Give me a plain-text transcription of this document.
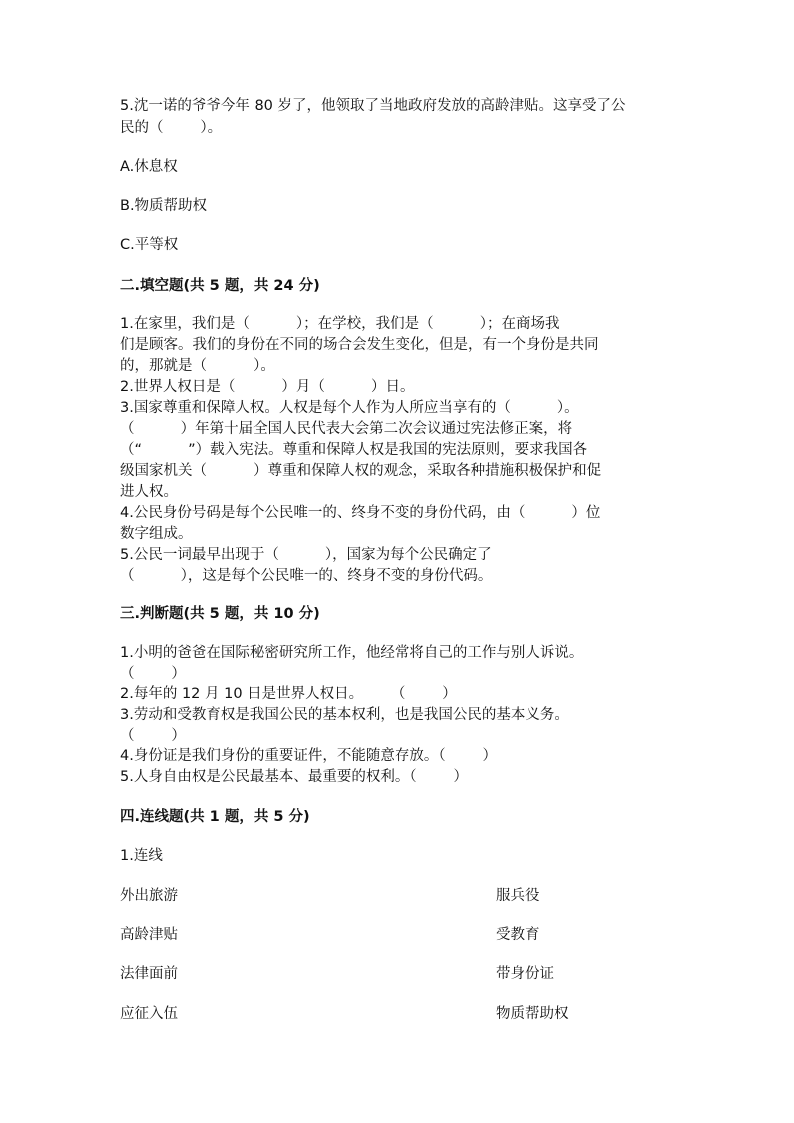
5.沈一诺的爷爷今年 80 岁了，他领取了当地政府发放的高龄津贴。这享受了公

民的（        ）。

A.休息权

B.物质帮助权

C.平等权

二.填空题(共 5 题，共 24 分)

1.在家里，我们是（          ）；在学校，我们是（          ）；在商场我

们是顾客。我们的身份在不同的场合会发生变化，但是，有一个身份是共同

的，那就是（          ）。

2.世界人权日是（          ）月（          ）日。

3.国家尊重和保障人权。人权是每个人作为人所应当享有的（          ）。

（          ）年第十届全国人民代表大会第二次会议通过宪法修正案，将

（“          ”）载入宪法。尊重和保障人权是我国的宪法原则，要求我国各

级国家机关（          ）尊重和保障人权的观念，采取各种措施积极保护和促

进人权。

4.公民身份号码是每个公民唯一的、终身不变的身份代码，由（          ）位

数字组成。

5.公民一词最早出现于（          ），国家为每个公民确定了

（          ），这是每个公民唯一的、终身不变的身份代码。

三.判断题(共 5 题，共 10 分)

1.小明的爸爸在国际秘密研究所工作，他经常将自己的工作与别人诉说。

（        ）

2.每年的 12 月 10 日是世界人权日。      （        ）

3.劳动和受教育权是我国公民的基本权利，也是我国公民的基本义务。

（        ）

4.身份证是我们身份的重要证件，不能随意存放。（        ）

5.人身自由权是公民最基本、最重要的权利。（        ）

四.连线题(共 1 题，共 5 分)

1.连线

外出旅游

高龄津贴

法律面前

应征入伍

服兵役

受教育

带身份证

物质帮助权
